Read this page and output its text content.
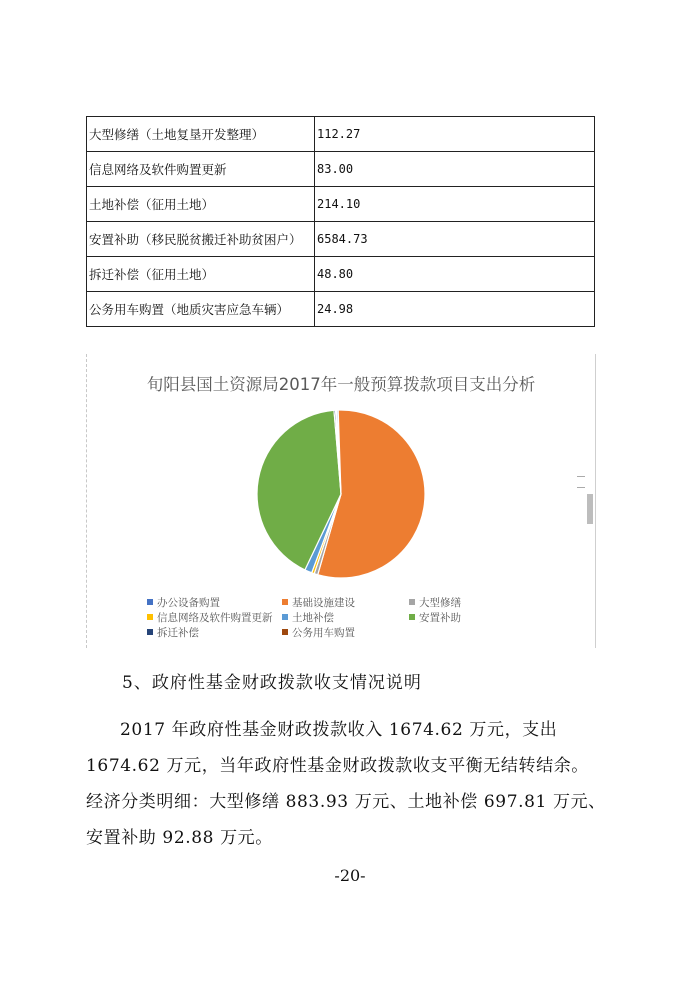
大型修缮（土地复垦开发整理）	112.27
信息网络及软件购置更新	83.00
土地补偿（征用土地）	214.10
安置补助（移民脱贫搬迁补助贫困户）	6584.73
拆迁补偿（征用土地）	48.80
公务用车购置（地质灾害应急车辆）	24.98
旬阳县国土资源局2017年一般预算拨款项目支出分析
办公设备购置	基础设施建设	大型修缮
信息网络及软件购置更新 土地补偿	安置补助
拆迁补偿	公务用车购置
5、政府性基金财政拨款收支情况说明

2017 年政府性基金财政拨款收入 1674.62 万元，支出
1674.62 万元，当年政府性基金财政拨款收支平衡无结转结余。
经济分类明细：大型修缮 883.93 万元、土地补偿 697.81 万元、
安置补助 92.88 万元。

-20-
